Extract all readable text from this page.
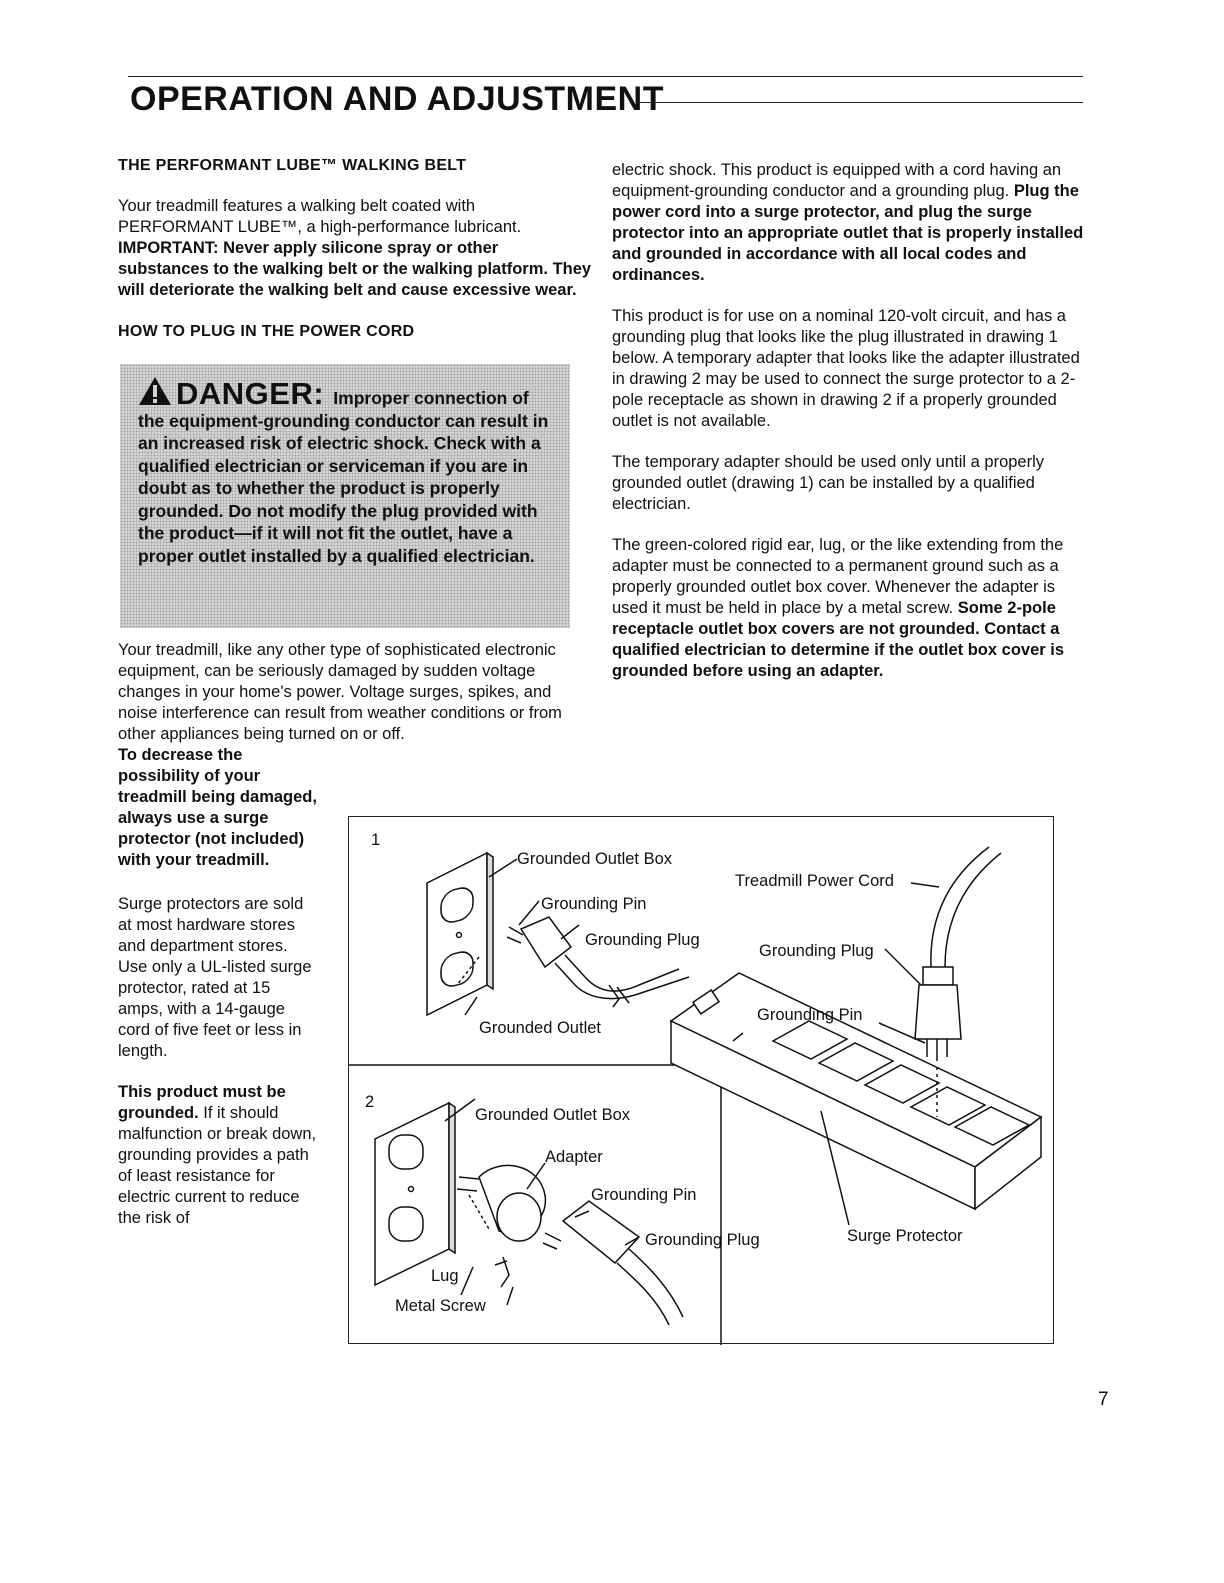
OPERATION AND ADJUSTMENT

THE PERFORMANT LUBE™ WALKING BELT

Your treadmill features a walking belt coated with PERFORMANT LUBE™, a high-performance lubricant. IMPORTANT: Never apply silicone spray or other substances to the walking belt or the walking platform. They will deteriorate the walking belt and cause excessive wear.

HOW TO PLUG IN THE POWER CORD

DANGER: Improper connection of the equipment-grounding conductor can result in an increased risk of electric shock. Check with a qualified electrician or serviceman if you are in doubt as to whether the product is properly grounded. Do not modify the plug provided with the product—if it will not fit the outlet, have a proper outlet installed by a qualified electrician.

Your treadmill, like any other type of sophisticated electronic equipment, can be seriously damaged by sudden voltage changes in your home's power. Voltage surges, spikes, and noise interference can result from weather conditions or from other appliances being turned on or off.

To decrease the possibility of your treadmill being damaged, always use a surge protector (not included) with your treadmill.

Surge protectors are sold at most hardware stores and department stores. Use only a UL-listed surge protector, rated at 15 amps, with a 14-gauge cord of five feet or less in length.

This product must be grounded. If it should malfunction or break down, grounding provides a path of least resistance for electric current to reduce the risk of

electric shock. This product is equipped with a cord having an equipment-grounding conductor and a grounding plug. Plug the power cord into a surge protector, and plug the surge protector into an appropriate outlet that is properly installed and grounded in accordance with all local codes and ordinances.

This product is for use on a nominal 120-volt circuit, and has a grounding plug that looks like the plug illustrated in drawing 1 below. A temporary adapter that looks like the adapter illustrated in drawing 2 may be used to connect the surge protector to a 2-pole receptacle as shown in drawing 2 if a properly grounded outlet is not available.

The temporary adapter should be used only until a properly grounded outlet (drawing 1) can be installed by a qualified electrician.

The green-colored rigid ear, lug, or the like extending from the adapter must be connected to a permanent ground such as a properly grounded outlet box cover. Whenever the adapter is used it must be held in place by a metal screw. Some 2-pole receptacle outlet box covers are not grounded. Contact a qualified electrician to determine if the outlet box cover is grounded before using an adapter.

1
2
Grounded Outlet Box
Grounding Pin
Grounding Plug
Grounded Outlet
Treadmill Power Cord
Grounding Plug
Grounding Pin
Surge Protector
Grounded Outlet Box
Adapter
Grounding Pin
Grounding Plug
Lug
Metal Screw
7
